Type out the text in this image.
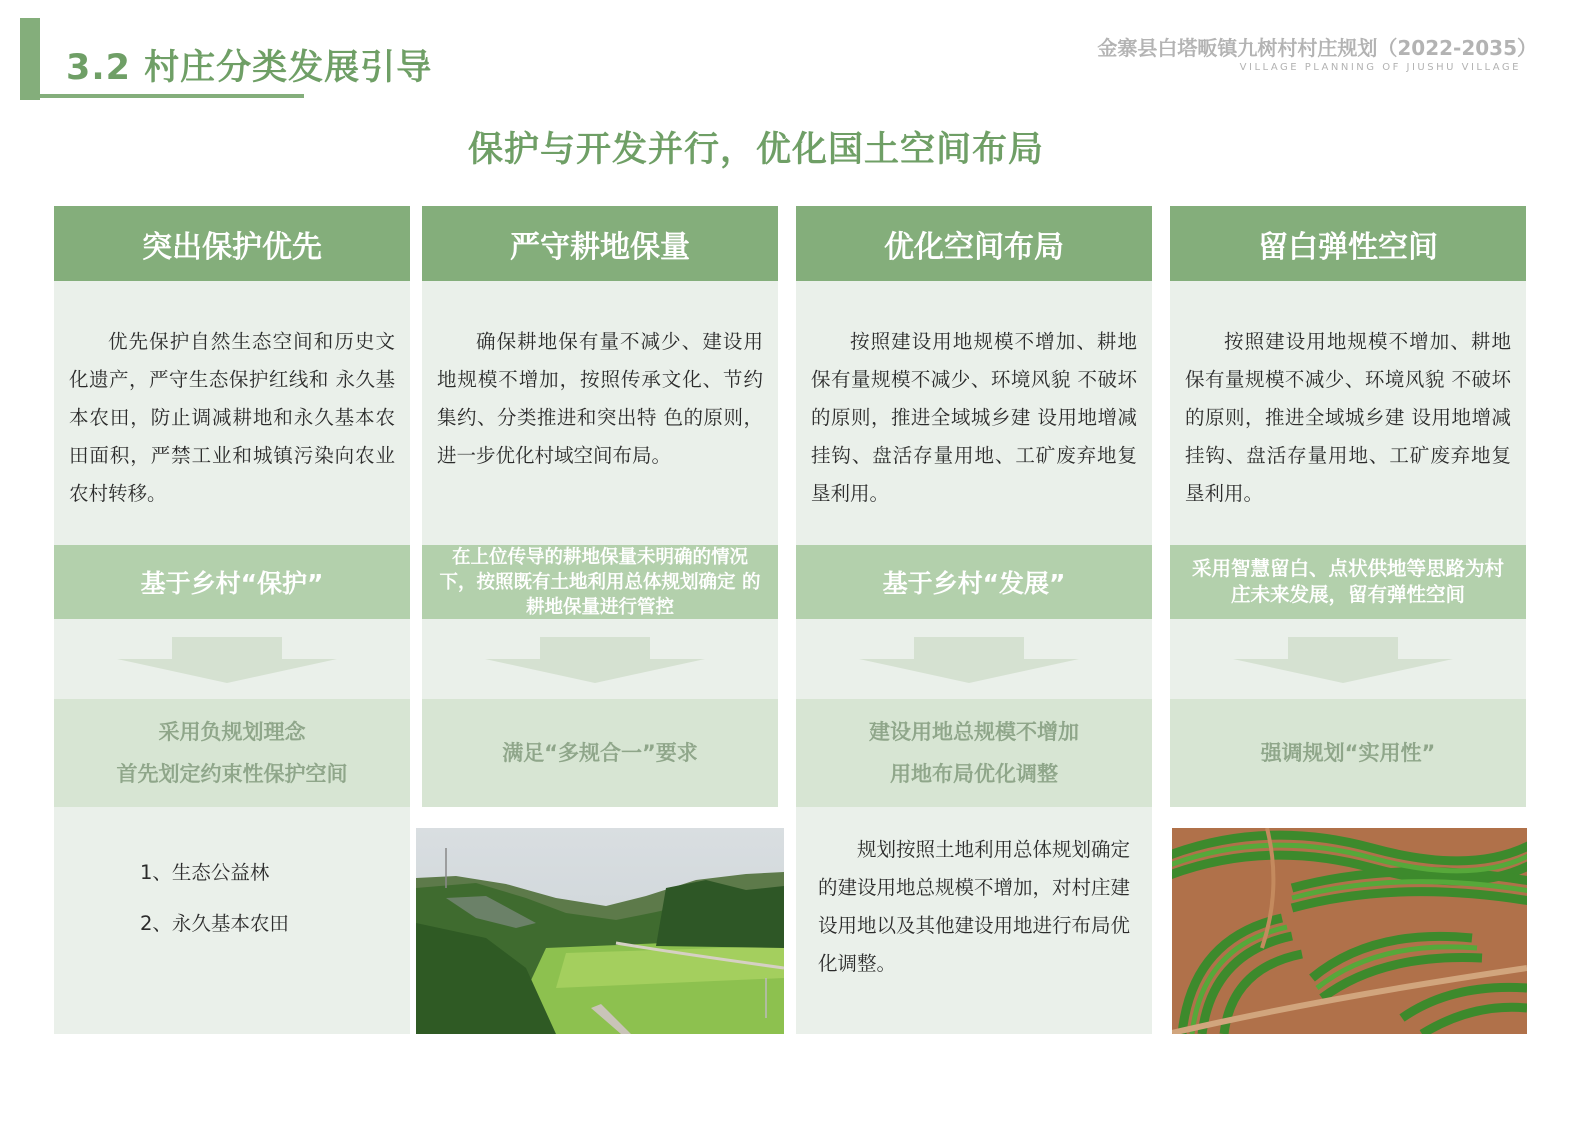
3.2 村庄分类发展引导	金寨县白塔畈镇九树村村庄规划（2022-2035）
VILLAGE PLANNING OF JIUSHU VILLAGE
保护与开发并行，优化国土空间布局
突出保护优先
优先保护自然生态空间和历史文化遗产，严守生态保护红线和 永久基本农田，防止调减耕地和永久基本农田面积，严禁工业和城镇污染向农业农村转移。
基于乡村“保护”
采用负规划理念
首先划定约束性保护空间
1、生态公益林
2、永久基本农田
严守耕地保量
确保耕地保有量不减少、建设用地规模不增加，按照传承文化、节约集约、分类推进和突出特 色的原则，进一步优化村域空间布局。
在上位传导的耕地保量未明确的情况 下，按照既有土地利用总体规划确定 的耕地保量进行管控
满足“多规合一”要求
优化空间布局
按照建设用地规模不增加、耕地保有量规模不减少、环境风貌 不破坏的原则，推进全域城乡建 设用地增减挂钩、盘活存量用地、工矿废弃地复垦利用。
基于乡村“发展”
建设用地总规模不增加
用地布局优化调整
规划按照土地利用总体规划确定的建设用地总规模不增加，对村庄建设用地以及其他建设用地进行布局优化调整。
留白弹性空间
按照建设用地规模不增加、耕地保有量规模不减少、环境风貌 不破坏的原则，推进全域城乡建 设用地增减挂钩、盘活存量用地、工矿废弃地复垦利用。
采用智慧留白、点状供地等思路为村庄未来发展，留有弹性空间
强调规划“实用性”
